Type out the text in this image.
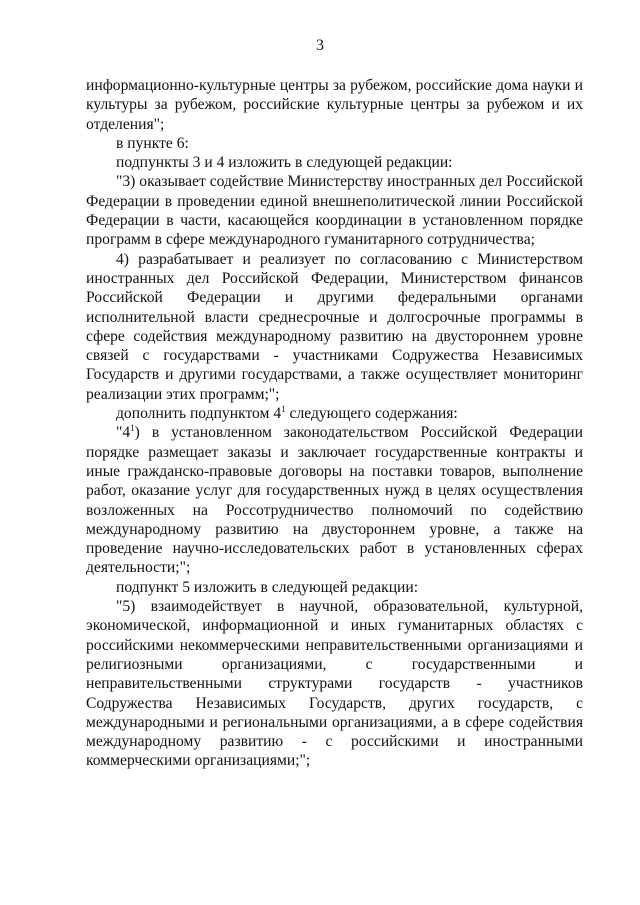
3

информационно-культурные центры за рубежом, российские дома науки и культуры за рубежом, российские культурные центры за рубежом и их отделения";

в пункте 6:

подпункты 3 и 4 изложить в следующей редакции:

"3) оказывает содействие Министерству иностранных дел Российской Федерации в проведении единой внешнеполитической линии Российской Федерации в части, касающейся координации в установленном порядке программ в сфере международного гуманитарного сотрудничества;

4) разрабатывает и реализует по согласованию с Министерством иностранных дел Российской Федерации, Министерством финансов Российской Федерации и другими федеральными органами исполнительной власти среднесрочные и долгосрочные программы в сфере содействия международному развитию на двустороннем уровне связей с государствами - участниками Содружества Независимых Государств и другими государствами, а также осуществляет мониторинг реализации этих программ;";

дополнить подпунктом $4^1$ следующего содержания:

"$4^1$) в установленном законодательством Российской Федерации порядке размещает заказы и заключает государственные контракты и иные гражданско-правовые договоры на поставки товаров, выполнение работ, оказание услуг для государственных нужд в целях осуществления возложенных на Россотрудничество полномочий по содействию международному развитию на двустороннем уровне, а также на проведение научно-исследовательских работ в установленных сферах деятельности;";

подпункт 5 изложить в следующей редакции:

"5) взаимодействует в научной, образовательной, культурной, экономической, информационной и иных гуманитарных областях с российскими некоммерческими неправительственными организациями и религиозными организациями, с государственными и неправительственными структурами государств - участников Содружества Независимых Государств, других государств, с международными и региональными организациями, а в сфере содействия международному развитию - с российскими и иностранными коммерческими организациями;";
